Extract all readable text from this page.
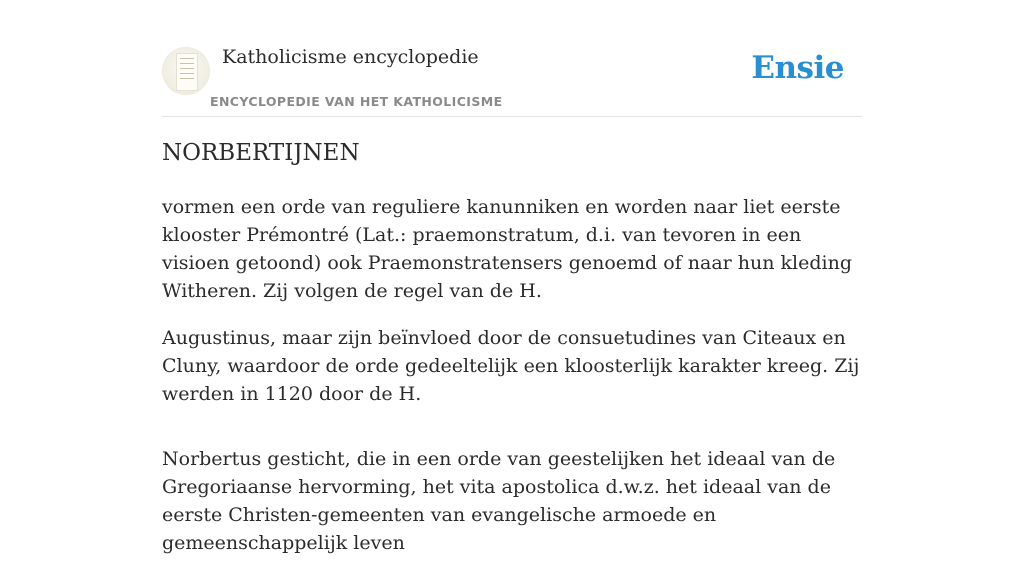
Katholicisme encyclopedie
ENCYCLOPEDIE VAN HET KATHOLICISME
Ensie
NORBERTIJNEN

vormen een orde van reguliere kanunniken en worden naar liet eerste klooster Prémontré (Lat.: praemonstratum, d.i. van tevoren in een visioen getoond) ook Praemonstratensers genoemd of naar hun kleding Witheren. Zij volgen de regel van de H.

Augustinus, maar zijn beïnvloed door de consuetudines van Citeaux en Cluny, waardoor de orde gedeeltelijk een kloosterlijk karakter kreeg. Zij werden in 1120 door de H.

Norbertus gesticht, die in een orde van geestelijken het ideaal van de Gregoriaanse hervorming, het vita apostolica d.w.z. het ideaal van de eerste Christen-gemeenten van evangelische armoede en gemeenschappelijk leven
